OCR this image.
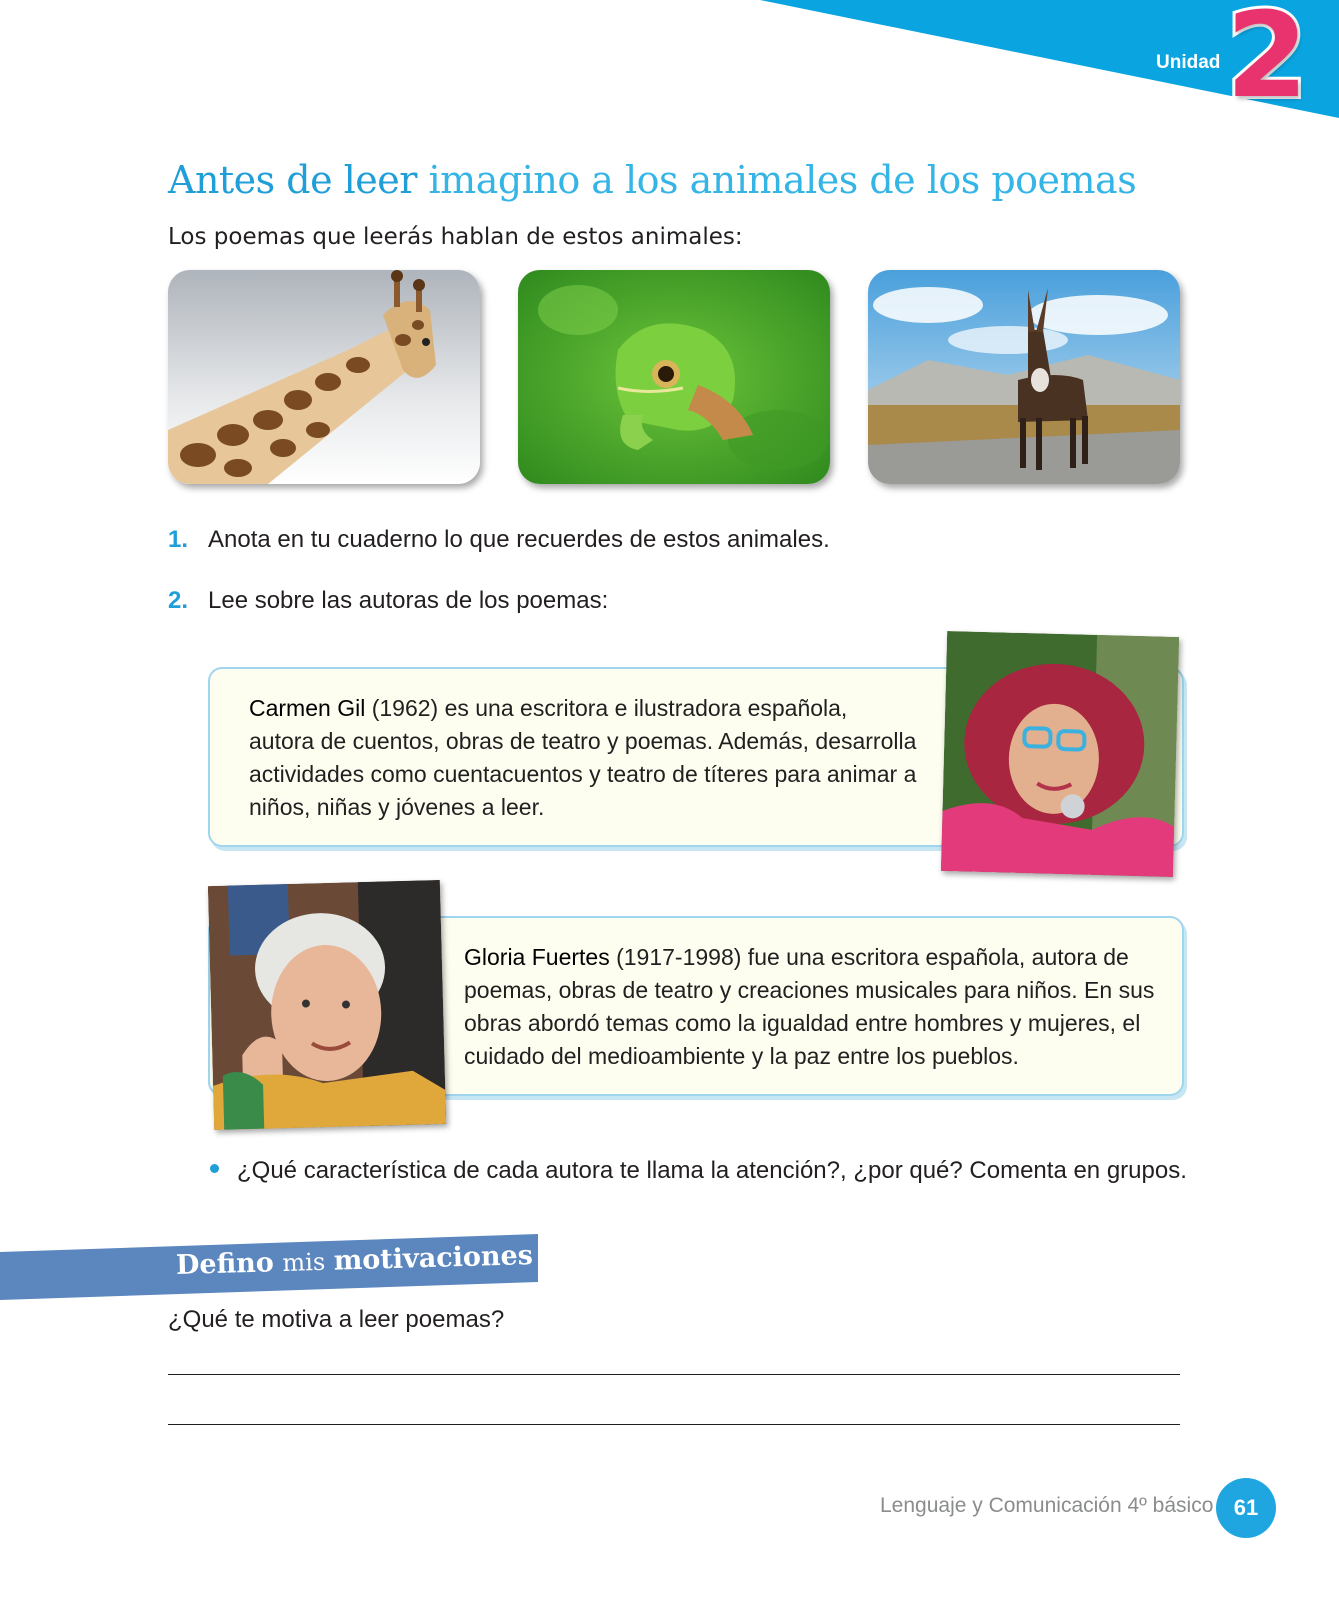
Unidad 2
Antes de leer imagino a los animales de los poemas
Los poemas que leerás hablan de estos animales:
1. Anota en tu cuaderno lo que recuerdes de estos animales.
2. Lee sobre las autoras de los poemas:
Carmen Gil (1962) es una escritora e ilustradora española,
autora de cuentos, obras de teatro y poemas. Además, desarrolla
actividades como cuentacuentos y teatro de títeres para animar a
niños, niñas y jóvenes a leer.
Gloria Fuertes (1917-1998) fue una escritora española, autora de
poemas, obras de teatro y creaciones musicales para niños. En sus
obras abordó temas como la igualdad entre hombres y mujeres, el
cuidado del medioambiente y la paz entre los pueblos.
¿Qué característica de cada autora te llama la atención?, ¿por qué? Comenta en grupos.
Defino mis motivaciones
¿Qué te motiva a leer poemas?
Lenguaje y Comunicación 4º básico 61
